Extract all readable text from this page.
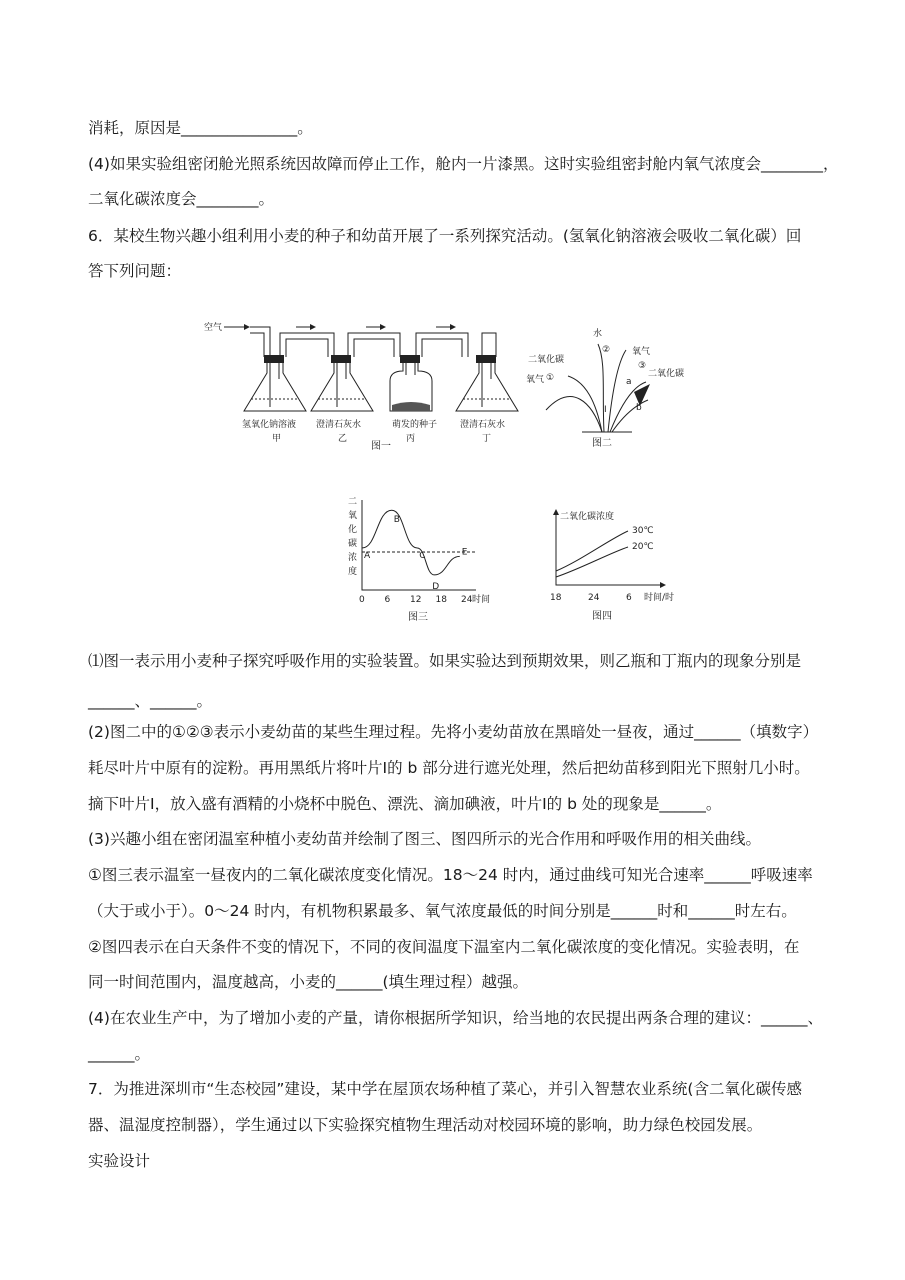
消耗，原因是_______________。
(4)如果实验组密闭舱光照系统因故障而停止工作，舱内一片漆黑。这时实验组密封舱内氧气浓度会________，
二氧化碳浓度会________。
6．某校生物兴趣小组利用小麦的种子和幼苗开展了一系列探究活动。(氢氧化钠溶液会吸收二氧化碳）回
答下列问题：
空气
氢氧化钠溶液
甲
澄清石灰水
乙
萌发的种子
丙
澄清石灰水
丁
图一
水
二氧化碳
氧气 ①
② 氧气
③
二氧化碳
a
b
Ⅰ
图二
二
氧
化
碳
浓
度
A
B
C
D
E
0 6 12 18 24 时间
图三
二氧化碳浓度
30℃
20℃
18	24	6 时间/时
图四
⑴图一表示用小麦种子探究呼吸作用的实验装置。如果实验达到预期效果，则乙瓶和丁瓶内的现象分别是
______、______。
(2)图二中的①②③表示小麦幼苗的某些生理过程。先将小麦幼苗放在黑暗处一昼夜，通过______（填数字）
耗尽叶片中原有的淀粉。再用黑纸片将叶片Ⅰ的 b 部分进行遮光处理，然后把幼苗移到阳光下照射几小时。
摘下叶片Ⅰ，放入盛有酒精的小烧杯中脱色、漂洗、滴加碘液，叶片Ⅰ的 b 处的现象是______。
(3)兴趣小组在密闭温室种植小麦幼苗并绘制了图三、图四所示的光合作用和呼吸作用的相关曲线。
①图三表示温室一昼夜内的二氧化碳浓度变化情况。18～24 时内，通过曲线可知光合速率______呼吸速率
（大于或小于）。0～24 时内，有机物积累最多、氧气浓度最低的时间分别是______时和______时左右。
②图四表示在白天条件不变的情况下，不同的夜间温度下温室内二氧化碳浓度的变化情况。实验表明，在
同一时间范围内，温度越高，小麦的______(填生理过程）越强。
(4)在农业生产中，为了增加小麦的产量，请你根据所学知识，给当地的农民提出两条合理的建议：______、
______。
7．为推进深圳市“生态校园”建设，某中学在屋顶农场种植了菜心，并引入智慧农业系统(含二氧化碳传感
器、温湿度控制器），学生通过以下实验探究植物生理活动对校园环境的影响，助力绿色校园发展。
实验设计
